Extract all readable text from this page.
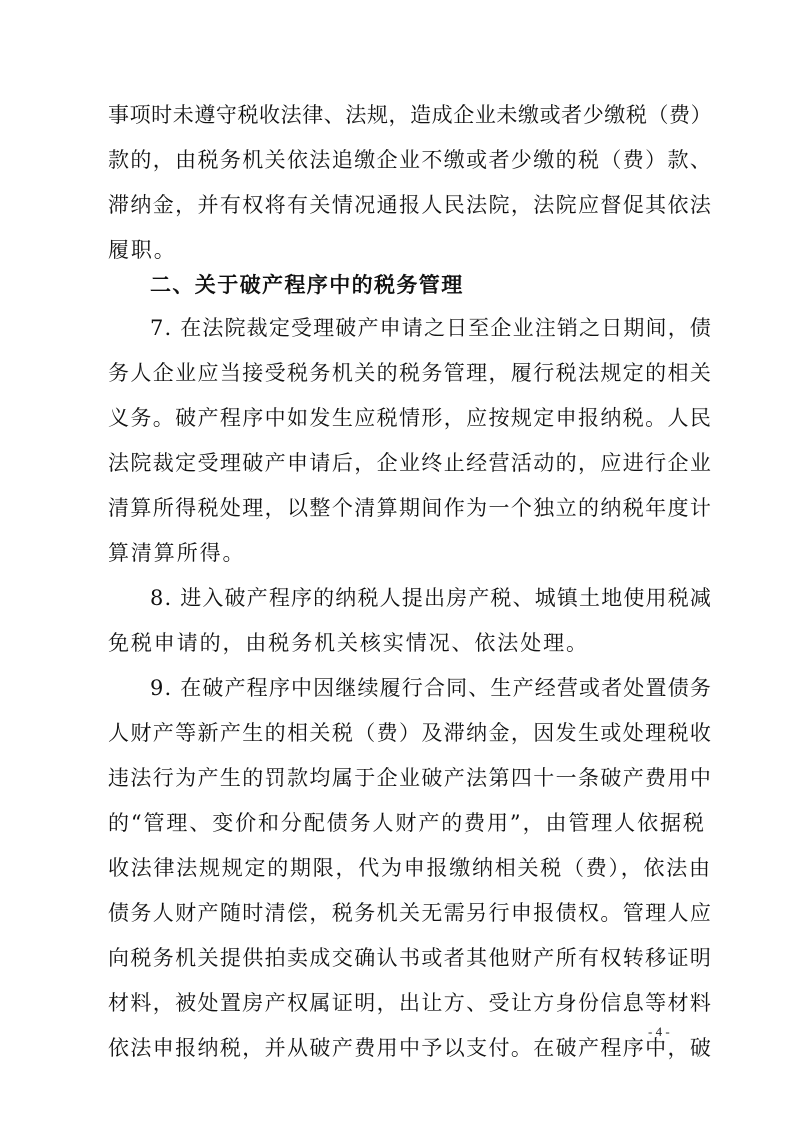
事项时未遵守税收法律、法规，造成企业未缴或者少缴税（费）
款的，由税务机关依法追缴企业不缴或者少缴的税（费）款、
滞纳金，并有权将有关情况通报人民法院，法院应督促其依法
履职。
二、关于破产程序中的税务管理
7. 在法院裁定受理破产申请之日至企业注销之日期间，债
务人企业应当接受税务机关的税务管理，履行税法规定的相关
义务。破产程序中如发生应税情形，应按规定申报纳税。人民
法院裁定受理破产申请后，企业终止经营活动的，应进行企业
清算所得税处理，以整个清算期间作为一个独立的纳税年度计
算清算所得。
8. 进入破产程序的纳税人提出房产税、城镇土地使用税减
免税申请的，由税务机关核实情况、依法处理。
9. 在破产程序中因继续履行合同、生产经营或者处置债务
人财产等新产生的相关税（费）及滞纳金，因发生或处理税收
违法行为产生的罚款均属于企业破产法第四十一条破产费用中
的“管理、变价和分配债务人财产的费用”，由管理人依据税
收法律法规规定的期限，代为申报缴纳相关税（费），依法由
债务人财产随时清偿，税务机关无需另行申报债权。管理人应
向税务机关提供拍卖成交确认书或者其他财产所有权转移证明
材料，被处置房产权属证明，出让方、受让方身份信息等材料
依法申报纳税，并从破产费用中予以支付。在破产程序中，破
- 4 -
